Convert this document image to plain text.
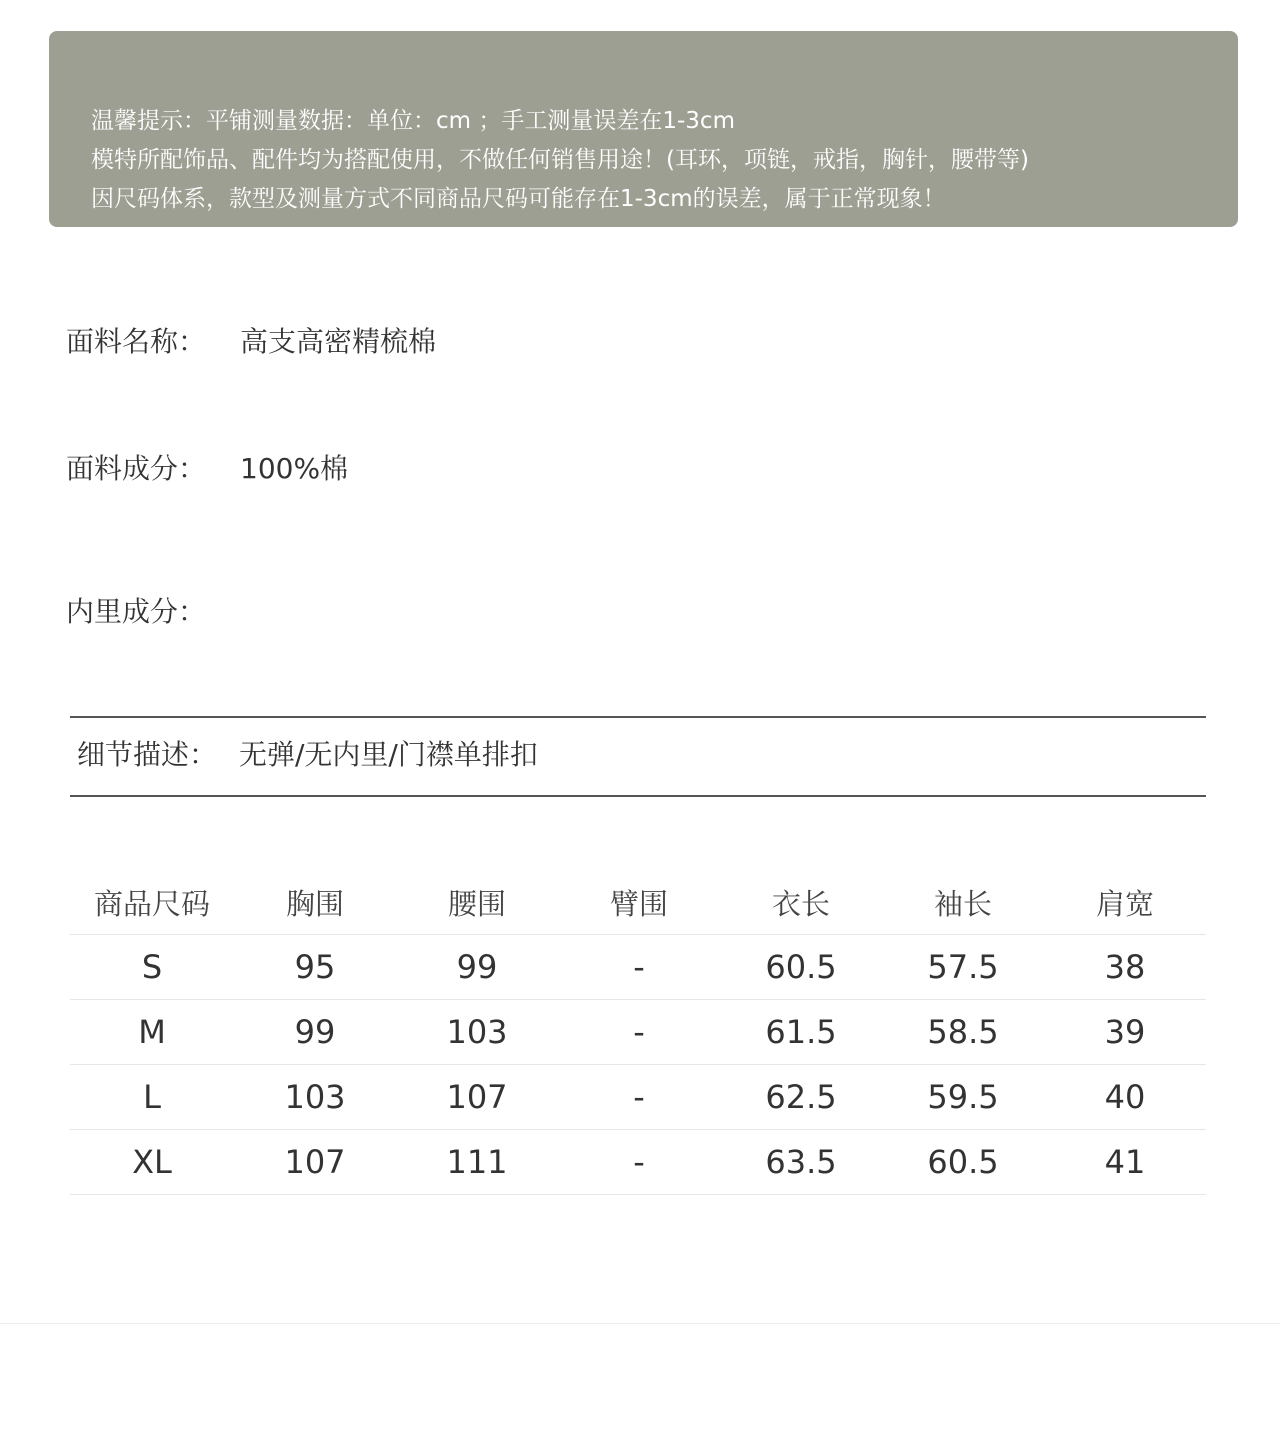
温馨提示：平铺测量数据：单位：cm ；手工测量误差在1-3cm
模特所配饰品、配件均为搭配使用，不做任何销售用途！(耳环，项链，戒指，胸针，腰带等)
因尺码体系，款型及测量方式不同商品尺码可能存在1-3cm的误差，属于正常现象！
面料名称： 高支高密精梳棉
面料成分： 100%棉
内里成分：
细节描述： 无弹/无内里/门襟单排扣
商品尺码	胸围	腰围	臂围	衣长	袖长	肩宽
S	95	99	-	60.5	57.5	38
M	99	103	-	61.5	58.5	39
L	103	107	-	62.5	59.5	40
XL	107	111	-	63.5	60.5	41
